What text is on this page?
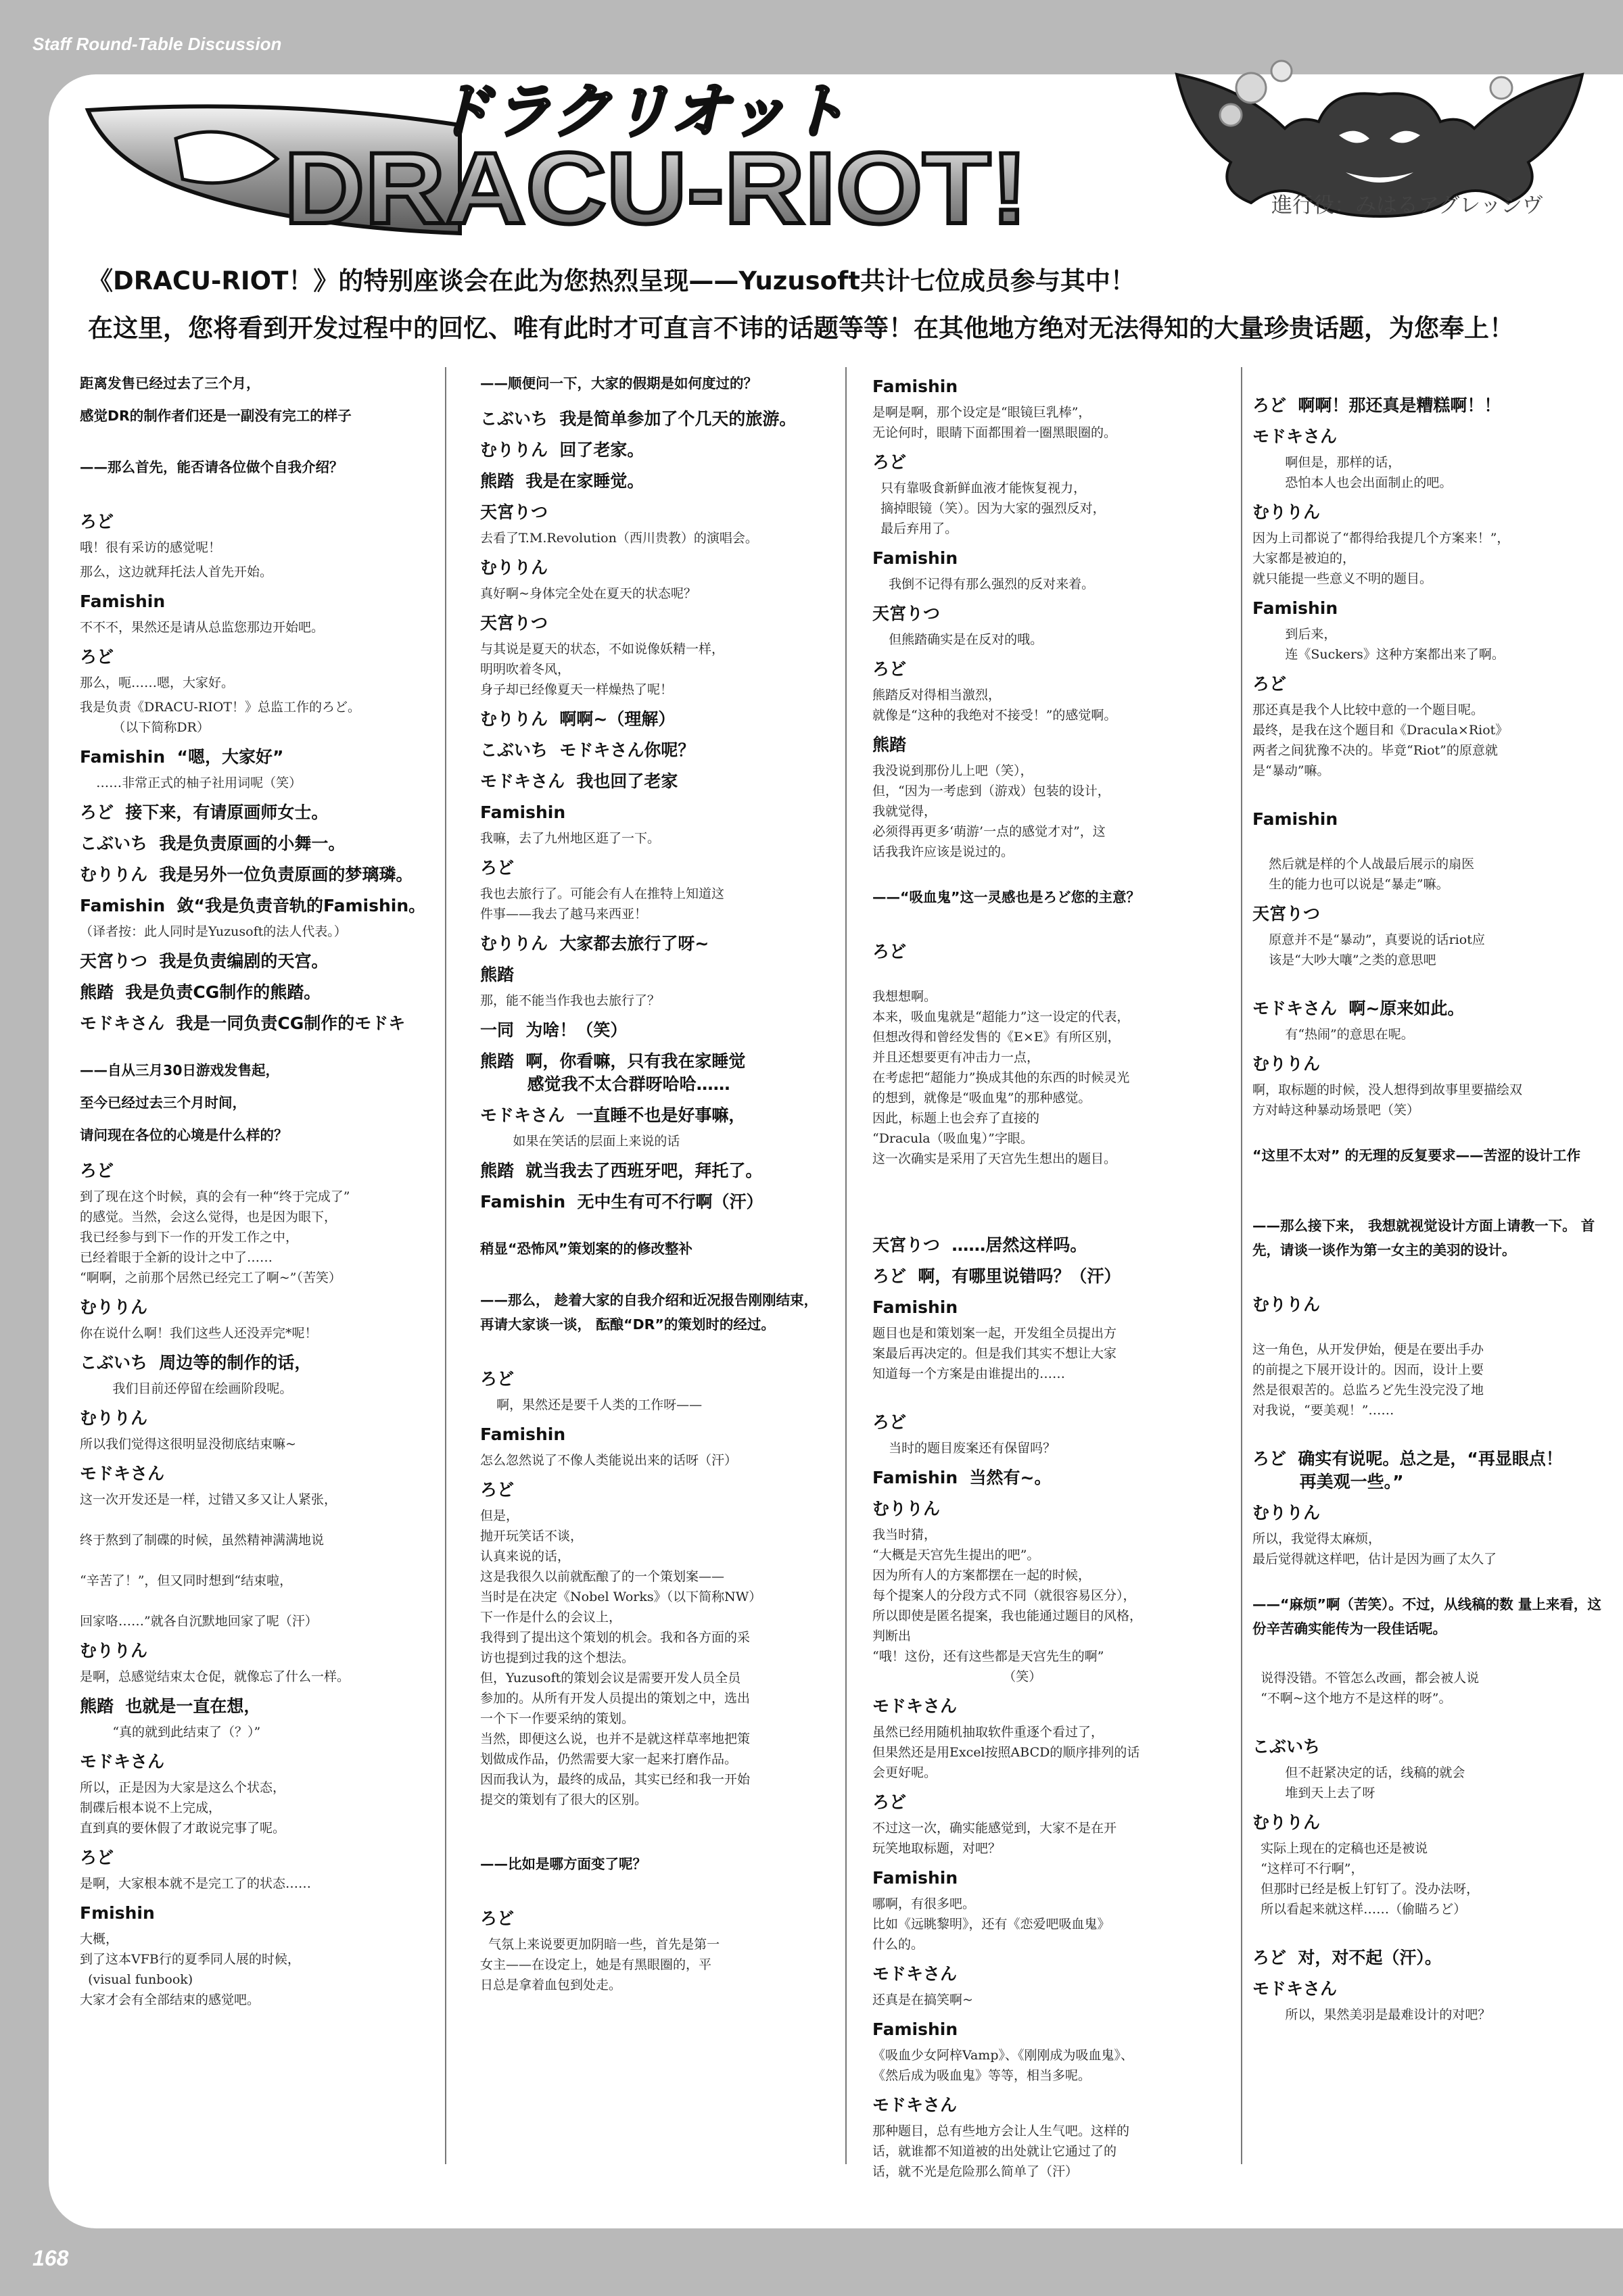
Staff Round-Table Discussion
ドラクリオット
DRACU-RIOT!	進行役：みはるアグレッシヴ
《DRACU-RIOT！》的特别座谈会在此为您热烈呈现——Yuzusoft共计七位成员参与其中！
在这里，您将看到开发过程中的回忆、唯有此时才可直言不讳的话题等等！在其他地方绝对无法得知的大量珍贵话题，为您奉上！
距离发售已经过去了三个月，
感觉DR的制作者们还是一副没有完工的样子
——那么首先，能否请各位做个自我介绍？
ろど
哦！很有采访的感觉呢！
那么，这边就拜托法人首先开始。
Famishin
不不不，果然还是请从总监您那边开始吧。
ろど
那么，呃……嗯，大家好。
我是负责《DRACU-RIOT！》总监工作的ろど。
（以下简称DR）
Famishin  “嗯，大家好”
……非常正式的柚子社用词呢（笑）
ろど  接下来，有请原画师女士。
こぶいち  我是负责原画的小舞一。
むりりん  我是另外一位负责原画的梦璃璘。
Famishin  敛“我是负责音轨的Famishin。
（译者按：此人同时是Yuzusoft的法人代表。）
天宮りつ  我是负责编剧的天宫。
熊踏  我是负责CG制作的熊踏。
モドキさん  我是一同负责CG制作的モドキ
——自从三月30日游戏发售起，
至今已经过去三个月时间，
请问现在各位的心境是什么样的？
ろど
到了现在这个时候，真的会有一种“终于完成了”
的感觉。当然，会这么觉得，也是因为眼下，
我已经参与到下一作的开发工作之中，
已经着眼于全新的设计之中了……
“啊啊，之前那个居然已经完工了啊~”（苦笑）
むりりん
你在说什么啊！我们这些人还没弄完*呢！
こぶいち  周边等的制作的话，
我们目前还停留在绘画阶段呢。
むりりん
所以我们觉得这很明显没彻底结束嘛~
モドキさん
这一次开发还是一样，过错又多又让人紧张，

终于熬到了制碟的时候，虽然精神满满地说

“辛苦了！”，但又同时想到“结束啦，

回家咯……”就各自沉默地回家了呢（汗）
むりりん
是啊，总感觉结束太仓促，就像忘了什么一样。
熊踏  也就是一直在想，
“真的就到此结束了（？）”
モドキさん
所以，正是因为大家是这么个状态，
制碟后根本说不上完成，
直到真的要休假了才敢说完事了呢。
ろど
是啊，大家根本就不是完工了的状态……
Fmishin
大概，
到了这本VFB行的夏季同人展的时候，
(visual funbook)
大家才会有全部结束的感觉吧。
——顺便问一下，大家的假期是如何度过的？
こぶいち  我是简单参加了个几天的旅游。
むりりん  回了老家。
熊踏  我是在家睡觉。
天宮りつ
去看了T.M.Revolution（西川贵教）的演唱会。
むりりん
真好啊~身体完全处在夏天的状态呢？
天宮りつ
与其说是夏天的状态，不如说像妖精一样，
明明吹着冬风，
身子却已经像夏天一样燥热了呢！
むりりん  啊啊~（理解）
こぶいち  モドキさん你呢？
モドキさん  我也回了老家
Famishin
我嘛，去了九州地区逛了一下。
ろど
我也去旅行了。可能会有人在推特上知道这
件事——我去了越马来西亚！
むりりん  大家都去旅行了呀~
熊踏
那，能不能当作我也去旅行了？
一同  为啥！（笑）
熊踏  啊，你看嘛，只有我在家睡觉
感觉我不太合群呀哈哈……
モドキさん  一直睡不也是好事嘛，
如果在笑话的层面上来说的话
熊踏  就当我去了西班牙吧，拜托了。
Famishin  无中生有可不行啊（汗）
稍显“恐怖风”策划案的的修改整补
——那么， 趁着大家的自我介绍和近况报告刚刚结束， 再请大家谈一谈， 酝酿“DR”的策划时的经过。
ろど
啊，果然还是要千人类的工作呀——
Famishin
怎么忽然说了不像人类能说出来的话呀（汗）
ろど
但是，
抛开玩笑话不谈，
认真来说的话，
这是我很久以前就酝酿了的一个策划案——
当时是在决定《Nobel Works》（以下简称NW）
下一作是什么的会议上，
我得到了提出这个策划的机会。我和各方面的采
访也提到过我的这个想法。
但，Yuzusoft的策划会议是需要开发人员全员
参加的。从所有开发人员提出的策划之中，选出
一个下一作要采纳的策划。
当然，即便这么说，也并不是就这样草率地把策
划做成作品，仍然需要大家一起来打磨作品。
因而我认为，最终的成品，其实已经和我一开始
提交的策划有了很大的区别。
——比如是哪方面变了呢？
ろど
气氛上来说要更加阴暗一些，首先是第一
女主——在设定上，她是有黑眼圈的，平
日总是拿着血包到处走。
Famishin
是啊是啊，那个设定是“眼镜巨乳棒”，
无论何时，眼睛下面都围着一圈黑眼圈的。
ろど
只有靠吸食新鲜血液才能恢复视力，
摘掉眼镜（笑）。因为大家的强烈反对，
最后弃用了。
Famishin
我倒不记得有那么强烈的反对来着。
天宮りつ
但熊踏确实是在反对的哦。
ろど
熊踏反对得相当激烈，
就像是“这种的我绝对不接受！”的感觉啊。
熊踏
我没说到那份儿上吧（笑），
但，“因为一考虑到（游戏）包装的设计，
我就觉得，
必须得再更多‘萌游’一点的感觉才对”，这
话我我许应该是说过的。
——“吸血鬼”这一灵感也是ろど您的主意？
ろど
我想想啊。
本来，吸血鬼就是“超能力”这一设定的代表，
但想改得和曾经发售的《E×E》有所区别，
并且还想要更有冲击力一点，
在考虑把“超能力”换成其他的东西的时候灵光
的想到，就像是“吸血鬼”的那种感觉。
因此，标题上也会弃了直接的
“Dracula（吸血鬼）”字眼。
这一次确实是采用了天宫先生想出的题目。
天宮りつ  ……居然这样吗。
ろど  啊，有哪里说错吗？（汗）
Famishin
题目也是和策划案一起，开发组全员提出方
案最后再决定的。但是我们其实不想让大家
知道每一个方案是由谁提出的……
ろど
当时的题目废案还有保留吗？
Famishin  当然有~。
むりりん
我当时猜，
“大概是天宫先生提出的吧”。
因为所有人的方案都摆在一起的时候，
每个提案人的分段方式不同（就很容易区分），
所以即使是匿名提案，我也能通过题目的风格，
判断出
“哦！这份，还有这些都是天宫先生的啊”
（笑）
モドキさん
虽然已经用随机抽取软件重逐个看过了，
但果然还是用Excel按照ABCD的顺序排列的话
会更好呢。
ろど
不过这一次，确实能感觉到，大家不是在开
玩笑地取标题，对吧？
Famishin
哪啊，有很多吧。
比如《远眺黎明》，还有《恋爱吧吸血鬼》
什么的。
モドキさん
还真是在搞笑啊~
Famishin
《吸血少女阿梓Vamp》、《刚刚成为吸血鬼》、
《然后成为吸血鬼》等等，相当多呢。
モドキさん
那种题目，总有些地方会让人生气吧。这样的
话，就谁都不知道被的出处就让它通过了的
话，就不光是危险那么简单了（汗）
ろど  啊啊！那还真是糟糕啊！！
モドキさん
啊但是，那样的话，
恐怕本人也会出面制止的吧。
むりりん
因为上司都说了“都得给我提几个方案来！”，
大家都是被迫的，
就只能提一些意义不明的题目。
Famishin
到后来，
连《Suckers》这种方案都出来了啊。
ろど
那还真是我个人比较中意的一个题目呢。
最终，是我在这个题目和《Dracula×Riot》
两者之间犹豫不决的。毕竟“Riot”的原意就
是“暴动”嘛。
Famishin
然后就是样的个人战最后展示的扇医
生的能力也可以说是“暴走”嘛。
天宮りつ
原意并不是“暴动”，真要说的话riot应
该是“大吵大嚷”之类的意思吧
モドキさん  啊~原来如此。
有“热闹”的意思在呢。
むりりん
啊，取标题的时候，没人想得到故事里要描绘双
方对峙这种暴动场景吧（笑）
“这里不太对” 的无理的反复要求——苦涩的设计工作
——那么接下来， 我想就视觉设计方面上请教一下。 首先，请谈一谈作为第一女主的美羽的设计。
むりりん
这一角色，从开发伊始，便是在要出手办
的前提之下展开设计的。因而，设计上要
然是很艰苦的。总监ろど先生没完没了地
对我说，“要美观！”……
ろど  确实有说呢。总之是，“再显眼点！
再美观一些。”
むりりん
所以，我觉得太麻烦，
最后觉得就这样吧，估计是因为画了太久了
——“麻烦”啊（苦笑）。不过，从线稿的数 量上来看，这份辛苦确实能传为一段佳话呢。
说得没错。不管怎么改画，都会被人说
“不啊~这个地方不是这样的呀”。
こぶいち
但不赶紧决定的话，线稿的就会
堆到天上去了呀
むりりん
实际上现在的定稿也还是被说
“这样可不行啊”，
但那时已经是板上钉钉了。没办法呀，
所以看起来就这样……（偷瞄ろど）
ろど  对，对不起（汗）。
モドキさん
所以，果然美羽是最难设计的对吧？
168
